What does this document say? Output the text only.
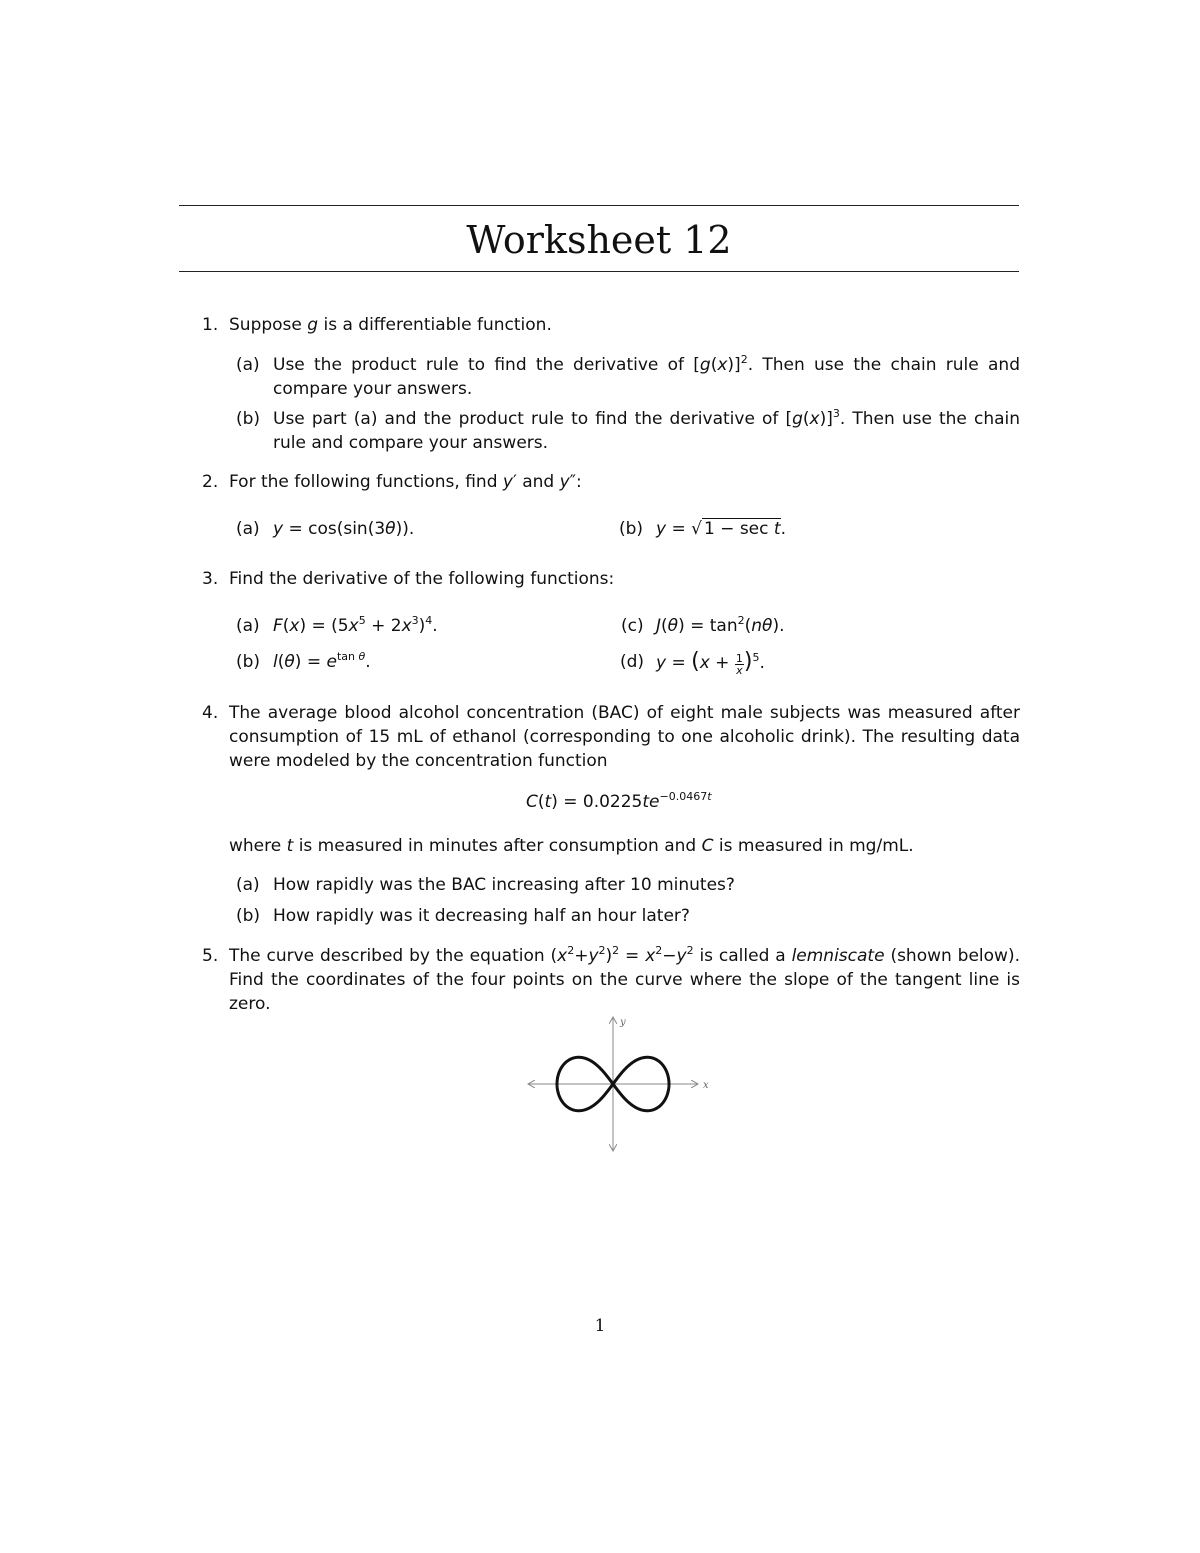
Worksheet 12
1. Suppose g is a differentiable function.
(a) Use the product rule to find the derivative of $[g(x)]^2$. Then use the chain rule and compare your answers.
(b) Use part (a) and the product rule to find the derivative of $[g(x)]^3$. Then use the chain rule and compare your answers.
2. For the following functions, find y′ and y″:
(a) y = cos(sin(3θ)).	(b) y = √ 1 − sec t.
3. Find the derivative of the following functions:
(a) $F(x) = (5x^5 + 2x^3)^4$.	(c) $J(\theta) = \tan^2(n\theta)$.
(b) $l(\theta) = e^{tan \theta}$.	(d) $y = (x + \frac{1}{x} )^5$.
4. The average blood alcohol concentration (BAC) of eight male subjects was measured after consumption of 15 mL of ethanol (corresponding to one alcoholic drink). The resulting data were modeled by the concentration function
$C(t) = 0.0225te^{-0.0467t}$
where t is measured in minutes after consumption and C is measured in mg/mL.
(a) How rapidly was the BAC increasing after 10 minutes?
(b) How rapidly was it decreasing half an hour later?
5. The curve described by the equation $(x^2+y^2)^2 = x^2-y^2$ is called a lemniscate (shown below). Find the coordinates of the four points on the curve where the slope of the tangent line is zero.
x
y
1
